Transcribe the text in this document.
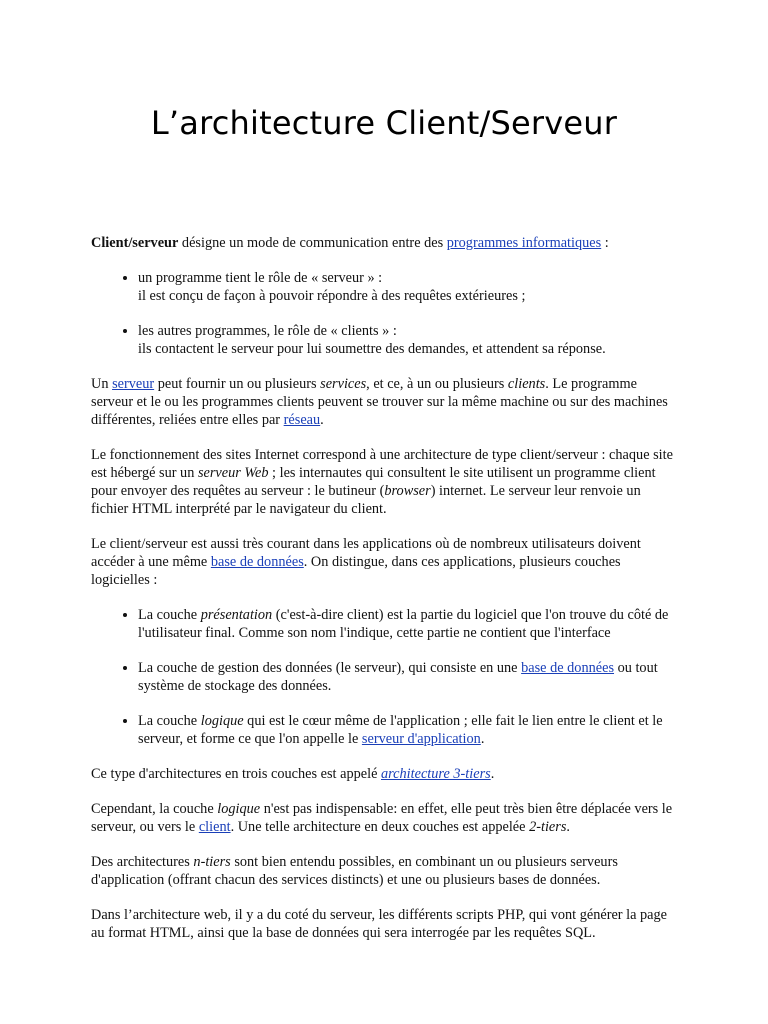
L’architecture Client/Serveur

Client/serveur désigne un mode de communication entre des programmes informatiques :

• un programme tient le rôle de « serveur » :
il est conçu de façon à pouvoir répondre à des requêtes extérieures ;
• les autres programmes, le rôle de « clients » :
ils contactent le serveur pour lui soumettre des demandes, et attendent sa réponse.

Un serveur peut fournir un ou plusieurs services, et ce, à un ou plusieurs clients. Le programme serveur et le ou les programmes clients peuvent se trouver sur la même machine ou sur des machines différentes, reliées entre elles par réseau.

Le fonctionnement des sites Internet correspond à une architecture de type client/serveur : chaque site est hébergé sur un serveur Web ; les internautes qui consultent le site utilisent un programme client pour envoyer des requêtes au serveur : le butineur (browser) internet. Le serveur leur renvoie un fichier HTML interprété par le navigateur du client.

Le client/serveur est aussi très courant dans les applications où de nombreux utilisateurs doivent accéder à une même base de données. On distingue, dans ces applications, plusieurs couches logicielles :

• La couche présentation (c'est-à-dire client) est la partie du logiciel que l'on trouve du côté de l'utilisateur final. Comme son nom l'indique, cette partie ne contient que l'interface
• La couche de gestion des données (le serveur), qui consiste en une base de données ou tout système de stockage des données.
• La couche logique qui est le cœur même de l'application ; elle fait le lien entre le client et le serveur, et forme ce que l'on appelle le serveur d'application.

Ce type d'architectures en trois couches est appelé architecture 3-tiers.

Cependant, la couche logique n'est pas indispensable: en effet, elle peut très bien être déplacée vers le serveur, ou vers le client. Une telle architecture en deux couches est appelée 2-tiers.

Des architectures n-tiers sont bien entendu possibles, en combinant un ou plusieurs serveurs d'application (offrant chacun des services distincts) et une ou plusieurs bases de données.

Dans l’architecture web, il y a du coté du serveur, les différents scripts PHP, qui vont générer la page au format HTML, ainsi que la base de données qui sera interrogée par les requêtes SQL.
